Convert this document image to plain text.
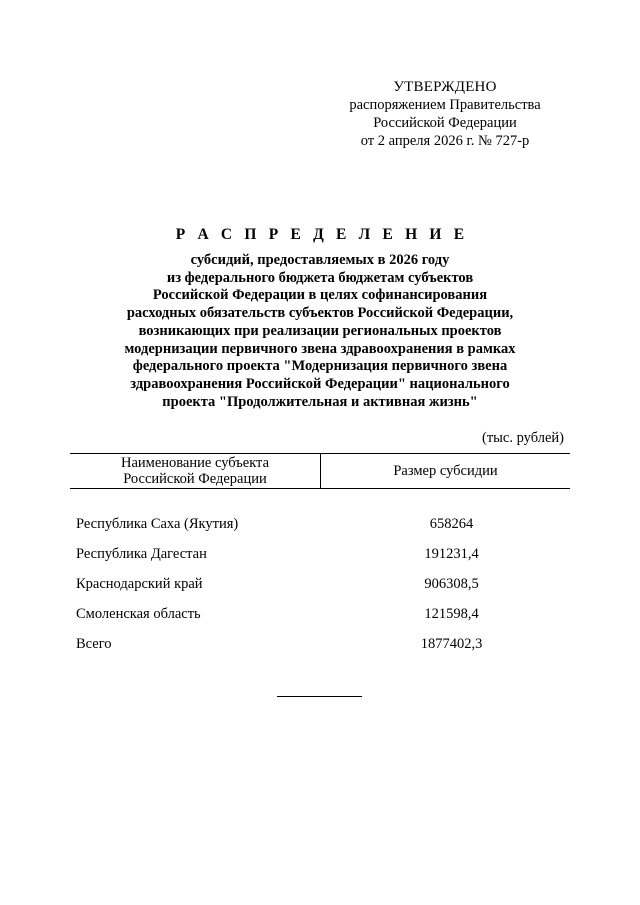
УТВЕРЖДЕНО
распоряжением Правительства
Российской Федерации
от 2 апреля 2026 г. № 727-р
Р А С П Р Е Д Е Л Е Н И Е
субсидий, предоставляемых в 2026 году
из федерального бюджета бюджетам субъектов
Российской Федерации в целях софинансирования
расходных обязательств субъектов Российской Федерации,
возникающих при реализации региональных проектов
модернизации первичного звена здравоохранения в рамках
федерального проекта "Модернизация первичного звена
здравоохранения Российской Федерации" национального
проекта "Продолжительная и активная жизнь"
(тыс. рублей)
Наименование субъекта
Российской Федерации	Размер субсидии
Республика Саха (Якутия)	658264
Республика Дагестан	191231,4
Краснодарский край	906308,5
Смоленская область	121598,4
Всего	1877402,3
